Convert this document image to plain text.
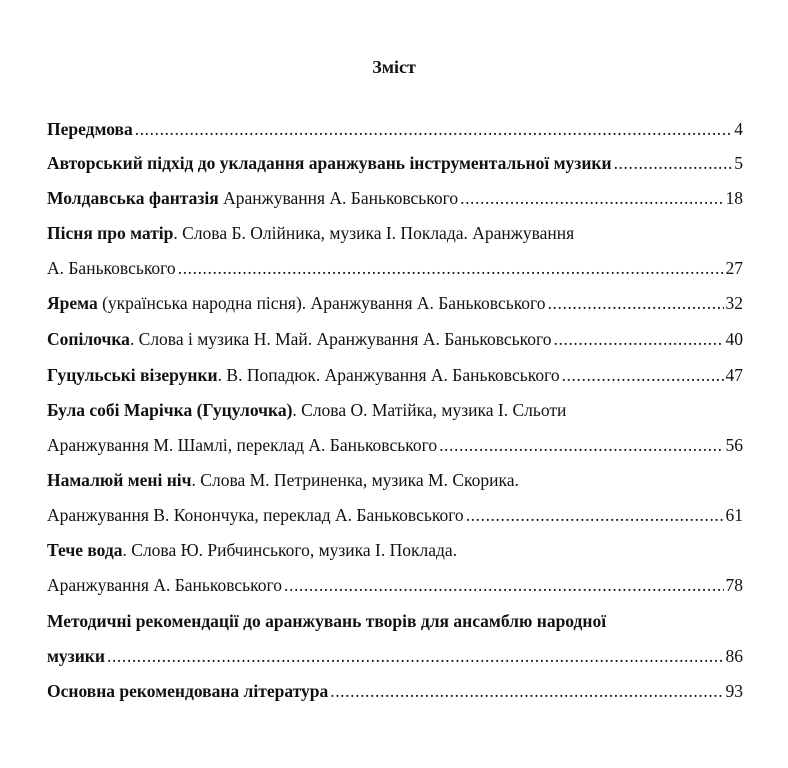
Зміст
Передмова .....	4
Авторський підхід до укладання аранжувань інструментальної музики .....	5
Молдавська фантазія Аранжування А. Баньковського .....	18
Пісня про матір. Слова Б. Олійника, музика І. Поклада. Аранжування
А. Баньковського .....	27
Ярема (українська народна пісня). Аранжування А. Баньковського .....	32
Сопілочка. Слова і музика Н. Май. Аранжування А. Баньковського .....	40
Гуцульські візерунки. В. Попадюк. Аранжування А. Баньковського .....	47
Була собі Марічка (Гуцулочка). Слова О. Матійка, музика І. Сльоти
Аранжування М. Шамлі, переклад А. Баньковського .....	56
Намалюй мені ніч. Слова М. Петриненка, музика М. Скорика.
Аранжування В. Конончука, переклад А. Баньковського .....	61
Тече вода. Слова Ю. Рибчинського, музика І. Поклада.
Аранжування А. Баньковського .....	78
Методичні рекомендації до аранжувань творів для ансамблю народної
музики .....	86
Основна рекомендована література .....	93
